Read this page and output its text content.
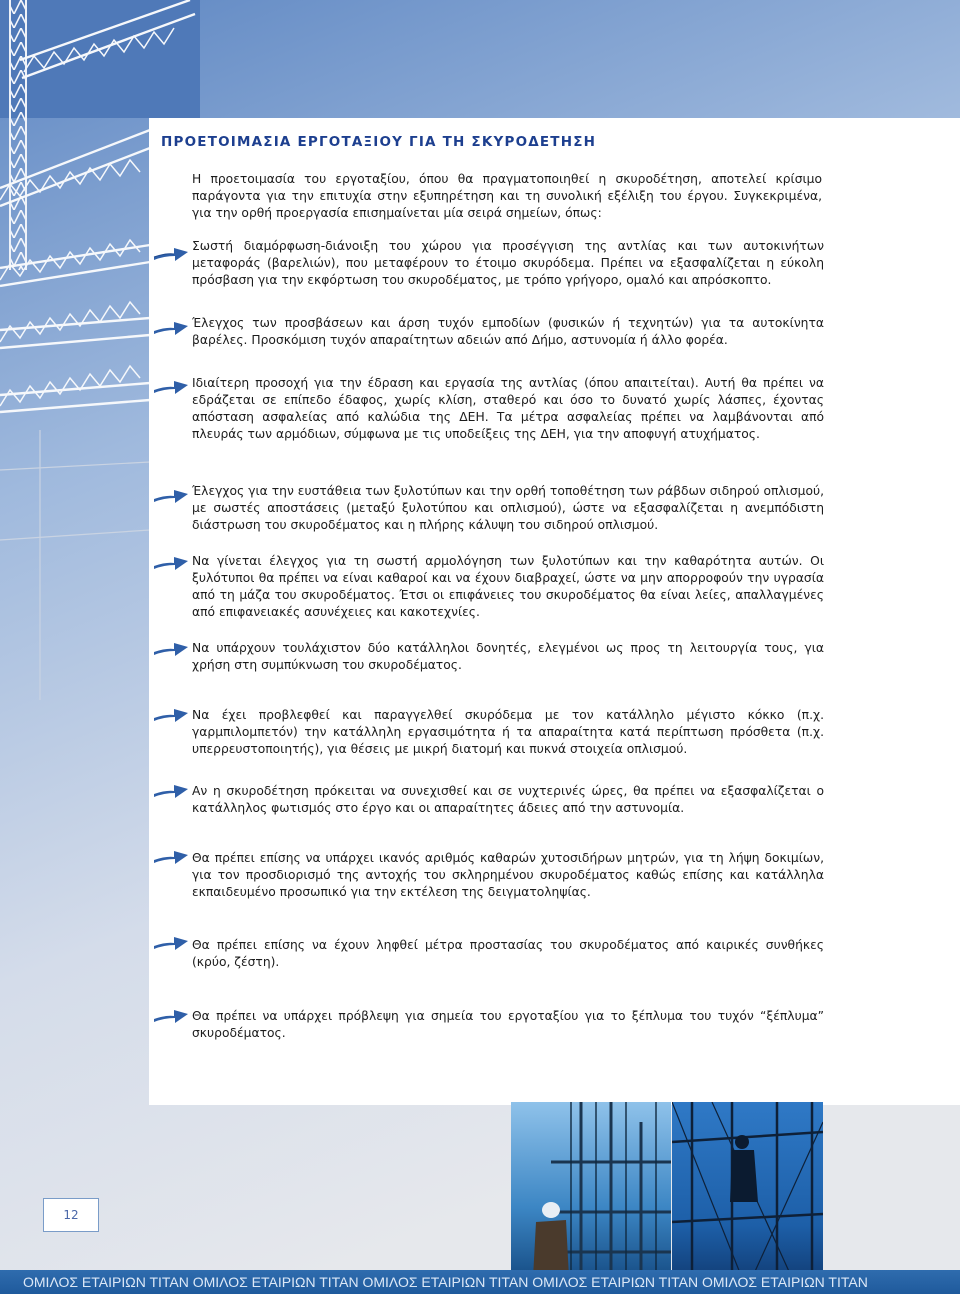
ΠΡΟΕΤΟΙΜΑΣΙΑ ΕΡΓΟΤΑΞΙΟΥ ΓΙΑ ΤΗ ΣΚΥΡΟΔΕΤΗΣΗ

Η προετοιμασία του εργοταξίου, όπου θα πραγματοποιηθεί η σκυροδέτηση, αποτελεί κρίσιμο παράγοντα για την επιτυχία στην εξυπηρέτηση και τη συνολική εξέλιξη του έργου. Συγκεκριμένα, για την ορθή προεργασία επισημαίνεται μία σειρά σημείων, όπως:

Σωστή διαμόρφωση-διάνοιξη του χώρου για προσέγγιση της αντλίας και των αυτοκινήτων μεταφοράς (βαρελιών), που μεταφέρουν το έτοιμο σκυρόδεμα. Πρέπει να εξασφαλίζεται η εύκολη πρόσβαση για την εκφόρτωση του σκυροδέματος, με τρόπο γρήγορο, ομαλό και απρόσκοπτο.

Έλεγχος των προσβάσεων και άρση τυχόν εμποδίων (φυσικών ή τεχνητών) για τα αυτοκίνητα βαρέλες. Προσκόμιση τυχόν απαραίτητων αδειών από Δήμο, αστυνομία ή άλλο φορέα.

Ιδιαίτερη προσοχή για την έδραση και εργασία της αντλίας (όπου απαιτείται). Αυτή θα πρέπει να εδράζεται σε επίπεδο έδαφος, χωρίς κλίση, σταθερό και όσο το δυνατό χωρίς λάσπες, έχοντας απόσταση ασφαλείας από καλώδια της ΔΕΗ. Τα μέτρα ασφαλείας πρέπει να λαμβάνονται από πλευράς των αρμόδιων, σύμφωνα με τις υποδείξεις της ΔΕΗ, για την αποφυγή ατυχήματος.

Έλεγχος για την ευστάθεια των ξυλοτύπων και την ορθή τοποθέτηση των ράβδων σιδηρού οπλισμού, με σωστές αποστάσεις (μεταξύ ξυλοτύπου και οπλισμού), ώστε να εξασφαλίζεται η ανεμπόδιστη διάστρωση του σκυροδέματος και η πλήρης κάλυψη του σιδηρού οπλισμού.

Να γίνεται έλεγχος για τη σωστή αρμολόγηση των ξυλοτύπων και την καθαρότητα αυτών. Οι ξυλότυποι θα πρέπει να είναι καθαροί και να έχουν διαβραχεί, ώστε να μην απορροφούν την υγρασία από τη μάζα του σκυροδέματος. Έτσι οι επιφάνειες του σκυροδέματος θα είναι λείες, απαλλαγμένες από επιφανειακές ασυνέχειες και κακοτεχνίες.

Να υπάρχουν τουλάχιστον δύο κατάλληλοι δονητές, ελεγμένοι ως προς τη λειτουργία τους, για χρήση στη συμπύκνωση του σκυροδέματος.

Να έχει προβλεφθεί και παραγγελθεί σκυρόδεμα με τον κατάλληλο μέγιστο κόκκο (π.χ. γαρμπιλομπετόν) την κατάλληλη εργασιμότητα ή τα απαραίτητα κατά περίπτωση πρόσθετα (π.χ. υπερρευστοποιητής), για θέσεις με μικρή διατομή και πυκνά στοιχεία οπλισμού.

Αν η σκυροδέτηση πρόκειται να συνεχισθεί και σε νυχτερινές ώρες, θα πρέπει να εξασφαλίζεται ο κατάλληλος φωτισμός στο έργο και οι απαραίτητες άδειες από την αστυνομία.

Θα πρέπει επίσης να υπάρχει ικανός αριθμός καθαρών χυτοσιδήρων μητρών, για τη λήψη δοκιμίων, για τον προσδιορισμό της αντοχής του σκληρημένου σκυροδέματος καθώς επίσης και κατάλληλα εκπαιδευμένο προσωπικό για την εκτέλεση της δειγματοληψίας.

Θα πρέπει επίσης να έχουν ληφθεί μέτρα προστασίας του σκυροδέματος από καιρικές συνθήκες (κρύο, ζέστη).

Θα πρέπει να υπάρχει πρόβλεψη για σημεία του εργοταξίου για το ξέπλυμα του τυχόν “ξέπλυμα” σκυροδέματος.

12
ΟΜΙΛΟΣ ΕΤΑΙΡΙΩΝ ΤΙΤΑΝ ΟΜΙΛΟΣ ΕΤΑΙΡΙΩΝ ΤΙΤΑΝ ΟΜΙΛΟΣ ΕΤΑΙΡΙΩΝ ΤΙΤΑΝ ΟΜΙΛΟΣ ΕΤΑΙΡΙΩΝ ΤΙΤΑΝ ΟΜΙΛΟΣ ΕΤΑΙΡΙΩΝ ΤΙΤΑΝ
